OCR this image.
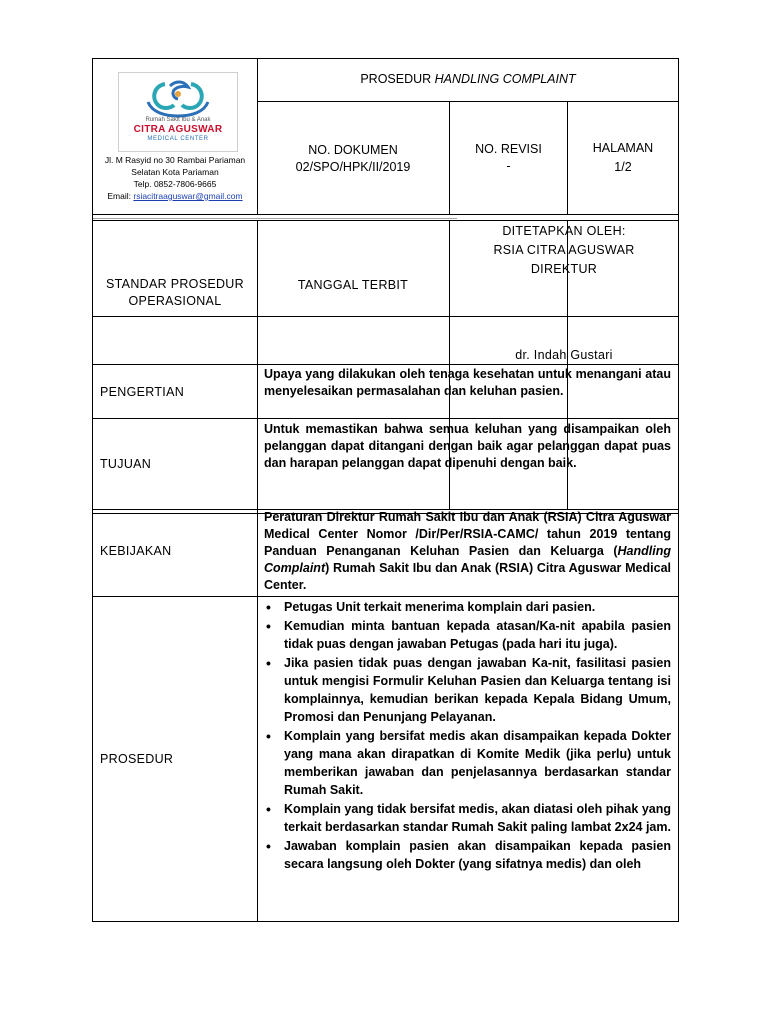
Rumah Sakit Ibu & Anak
CITRA AGUSWAR
MEDICAL CENTER
Jl. M Rasyid no 30 Rambai Pariaman
Selatan Kota Pariaman
Telp. 0852-7806-9665
Email: rsiacitraaguswar@gmail.com
PROSEDUR HANDLING COMPLAINT
NO. DOKUMEN
02/SPO/HPK/II/2019
NO. REVISI
-
HALAMAN
1/2
STANDAR PROSEDUR
OPERASIONAL
TANGGAL TERBIT
DITETAPKAN OLEH:
RSIA CITRA AGUSWAR
DIREKTUR
dr. Indah Gustari
PENGERTIAN
Upaya yang dilakukan oleh tenaga kesehatan untuk menangani atau menyelesaikan permasalahan dan keluhan pasien.
TUJUAN
Untuk memastikan bahwa semua keluhan yang disampaikan oleh pelanggan dapat ditangani dengan baik agar pelanggan dapat puas dan harapan pelanggan dapat dipenuhi dengan baik.
KEBIJAKAN
Peraturan Direktur Rumah Sakit Ibu dan Anak (RSIA) Citra Aguswar Medical Center Nomor /Dir/Per/RSIA-CAMC/ tahun 2019 tentang Panduan Penanganan Keluhan Pasien dan Keluarga (Handling Complaint) Rumah Sakit Ibu dan Anak (RSIA) Citra Aguswar Medical Center.
PROSEDUR
• Petugas Unit terkait menerima komplain dari pasien.
• Kemudian minta bantuan kepada atasan/Ka-nit apabila pasien tidak puas dengan jawaban Petugas (pada hari itu juga).
• Jika pasien tidak puas dengan jawaban Ka-nit, fasilitasi pasien untuk mengisi Formulir Keluhan Pasien dan Keluarga tentang isi komplainnya, kemudian berikan kepada Kepala Bidang Umum, Promosi dan Penunjang Pelayanan.
• Komplain yang bersifat medis akan disampaikan kepada Dokter yang mana akan dirapatkan di Komite Medik (jika perlu) untuk memberikan jawaban dan penjelasannya berdasarkan standar Rumah Sakit.
• Komplain yang tidak bersifat medis, akan diatasi oleh pihak yang terkait berdasarkan standar Rumah Sakit paling lambat 2x24 jam.
• Jawaban komplain pasien akan disampaikan kepada pasien secara langsung oleh Dokter (yang sifatnya medis) dan oleh
